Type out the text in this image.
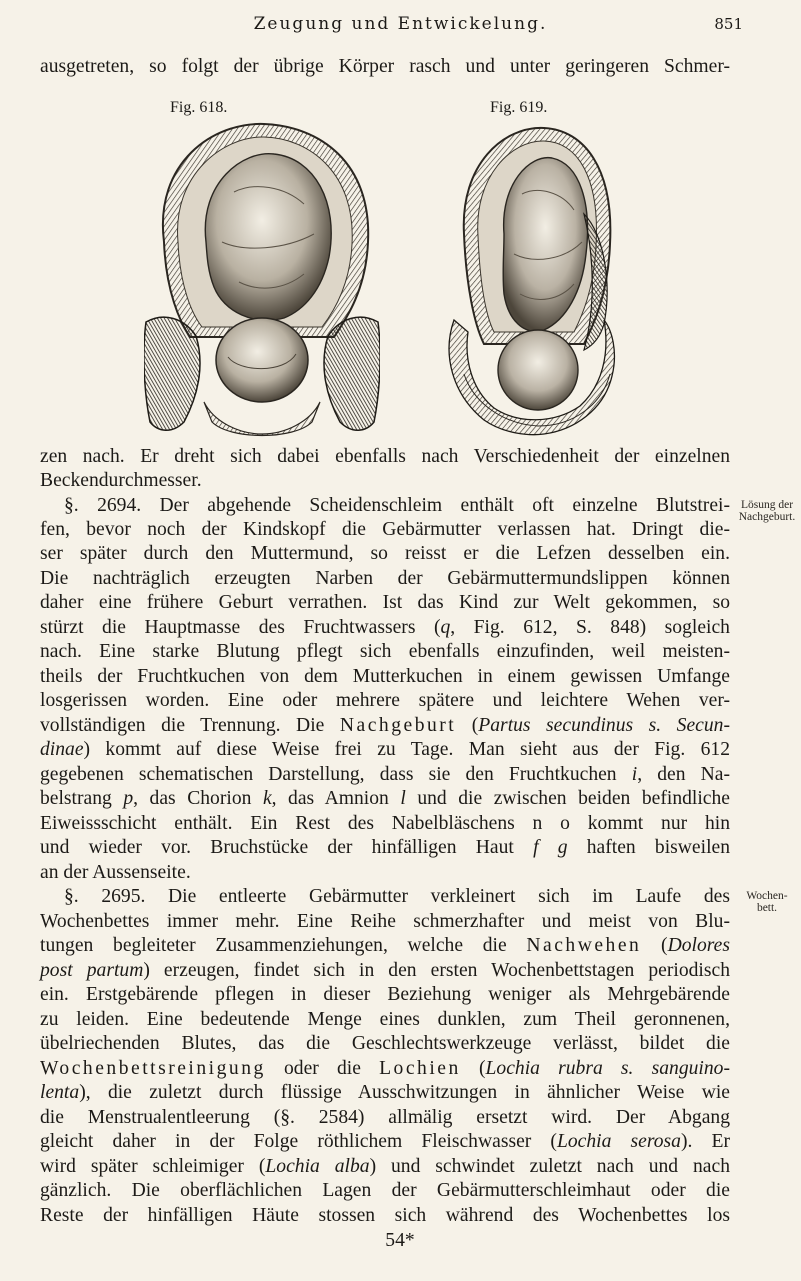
Zeugung und Entwickelung.	851
ausgetreten, so folgt der übrige Körper rasch und unter geringeren Schmer-
Fig. 618.	Fig. 619.
zen nach. Er dreht sich dabei ebenfalls nach Verschiedenheit der einzelnen
Beckendurchmesser.
§. 2694. Der abgehende Scheidenschleim enthält oft einzelne Blutstrei-
fen, bevor noch der Kindskopf die Gebärmutter verlassen hat. Dringt die-
ser später durch den Muttermund, so reisst er die Lefzen desselben ein.
Die nachträglich erzeugten Narben der Gebärmuttermundslippen können
daher eine frühere Geburt verrathen. Ist das Kind zur Welt gekommen, so
stürzt die Hauptmasse des Fruchtwassers (q, Fig. 612, S. 848) sogleich
nach. Eine starke Blutung pflegt sich ebenfalls einzufinden, weil meisten-
theils der Fruchtkuchen von dem Mutterkuchen in einem gewissen Umfange
losgerissen worden. Eine oder mehrere spätere und leichtere Wehen ver-
vollständigen die Trennung. Die Nachgeburt (Partus secundinus s. Secun-
dinae) kommt auf diese Weise frei zu Tage. Man sieht aus der Fig. 612
gegebenen schematischen Darstellung, dass sie den Fruchtkuchen i, den Na-
belstrang p, das Chorion k, das Amnion l und die zwischen beiden befindliche
Eiweissschicht enthält. Ein Rest des Nabelbläschens n o kommt nur hin
und wieder vor. Bruchstücke der hinfälligen Haut f g haften bisweilen
an der Aussenseite.
§. 2695. Die entleerte Gebärmutter verkleinert sich im Laufe des
Wochenbettes immer mehr. Eine Reihe schmerzhafter und meist von Blu-
tungen begleiteter Zusammenziehungen, welche die Nachwehen (Dolores
post partum) erzeugen, findet sich in den ersten Wochenbettstagen periodisch
ein. Erstgebärende pflegen in dieser Beziehung weniger als Mehrgebärende
zu leiden. Eine bedeutende Menge eines dunklen, zum Theil geronnenen,
übelriechenden Blutes, das die Geschlechtswerkzeuge verlässt, bildet die
Wochenbettsreinigung oder die Lochien (Lochia rubra s. sanguino-
lenta), die zuletzt durch flüssige Ausschwitzungen in ähnlicher Weise wie
die Menstrualentleerung (§. 2584) allmälig ersetzt wird. Der Abgang
gleicht daher in der Folge röthlichem Fleischwasser (Lochia serosa). Er
wird später schleimiger (Lochia alba) und schwindet zuletzt nach und nach
gänzlich. Die oberflächlichen Lagen der Gebärmutterschleimhaut oder die
Reste der hinfälligen Häute stossen sich während des Wochenbettes los
54*
Lösung der
Nachgeburt.
Wochen-
bett.
